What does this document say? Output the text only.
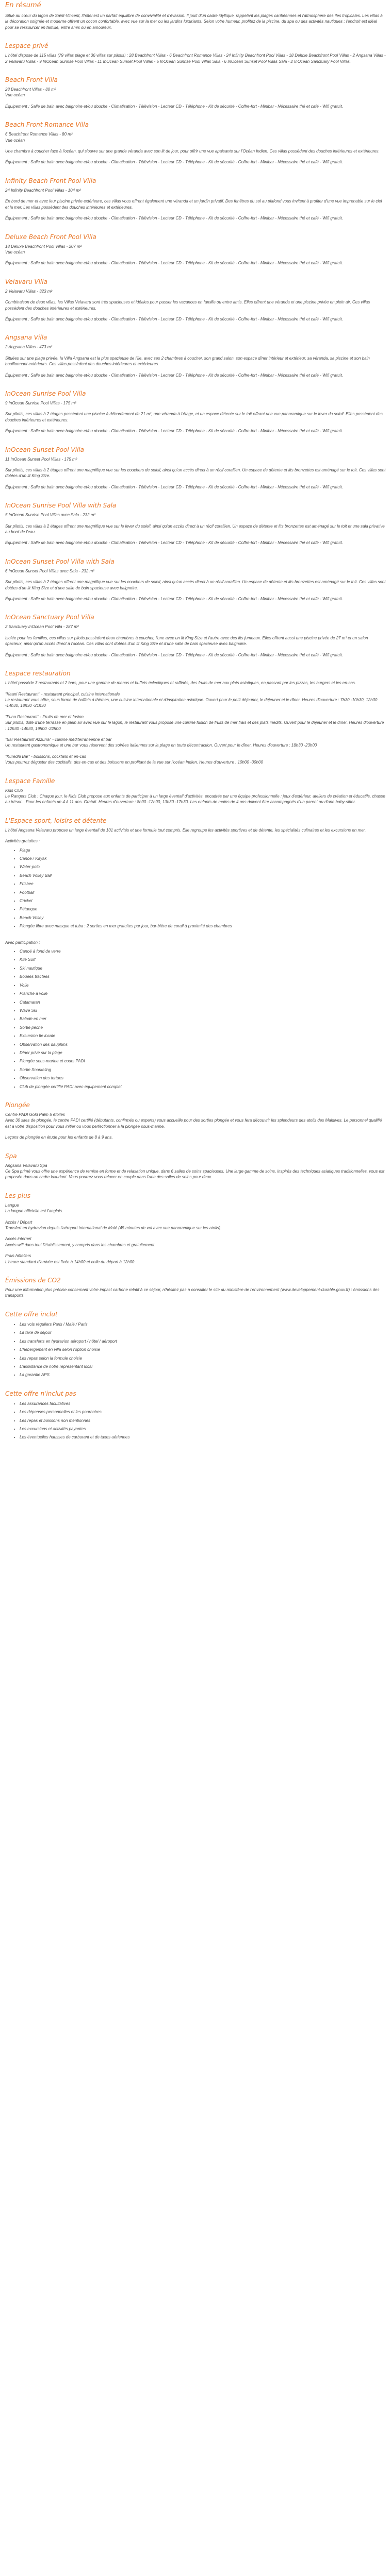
En résumé

Situé au cœur du lagon de Saint-Vincent, l'hôtel est un parfait équilibre de convivialité et d'évasion. Il jouit d'un cadre idyllique, rappelant les plages caribéennes et l'atmosphère des îles tropicales. Les villas à la décoration soignée et moderne offrent un cocon confortable, avec vue sur la mer ou les jardins luxuriants. Selon votre humeur, profitez de la piscine, du spa ou des activités nautiques : l'endroit est idéal pour se ressourcer en famille, entre amis ou en amoureux.

Lespace privé

L'hôtel dispose de 115 villas (79 villas plage et 36 villas sur pilotis) : 28 Beachfront Villas - 6 Beachfront Romance Villas - 24 Infinity Beachfront Pool Villas - 18 Deluxe Beachfront Pool Villas - 2 Angsana Villas - 2 Velavaru Villas - 9 InOcean Sunrise Pool Villas - 11 InOcean Sunset Pool Villas - 5 InOcean Sunrise Pool Villas Sala - 6 InOcean Sunset Pool Villas Sala - 2 InOcean Sanctuary Pool Villas.

Beach Front Villa
28 Beachfront Villas - 80 m²
Vue océan

Équipement : Salle de bain avec baignoire et/ou douche - Climatisation - Télévision - Lecteur CD - Téléphone - Kit de sécurité - Coffre-fort - Minibar - Nécessaire thé et café - Wifi gratuit.

Beach Front Romance Villa
6 Beachfront Romance Villas - 80 m²
Vue océan

Une chambre à coucher face à l'océan, qui s'ouvre sur une grande véranda avec son lit de jour, pour offrir une vue apaisante sur l'Océan Indien. Ces villas possèdent des douches intérieures et extérieures.

Équipement : Salle de bain avec baignoire et/ou douche - Climatisation - Télévision - Lecteur CD - Téléphone - Kit de sécurité - Coffre-fort - Minibar - Nécessaire thé et café - Wifi gratuit.

Infinity Beach Front Pool Villa
24 Infinity Beachfront Pool Villas - 104 m²

En bord de mer et avec leur piscine privée extérieure, ces villas vous offrent également une véranda et un jardin privatif. Des fenêtres du sol au plafond vous invitent à profiter d'une vue imprenable sur le ciel et la mer. Les villas possèdent des douches intérieures et extérieures.

Équipement : Salle de bain avec baignoire et/ou douche - Climatisation - Télévision - Lecteur CD - Téléphone - Kit de sécurité - Coffre-fort - Minibar - Nécessaire thé et café - Wifi gratuit.

Deluxe Beach Front Pool Villa
18 Deluxe Beachfront Pool Villas - 207 m²
Vue océan

Équipement : Salle de bain avec baignoire et/ou douche - Climatisation - Télévision - Lecteur CD - Téléphone - Kit de sécurité - Coffre-fort - Minibar - Nécessaire thé et café - Wifi gratuit.

Velavaru Villa
2 Velavaru Villas - 323 m²

Combinaison de deux villas, les Villas Velavaru sont très spacieuses et idéales pour passer les vacances en famille ou entre amis. Elles offrent une véranda et une piscine privée en plein air. Ces villas possèdent des douches intérieures et extérieures.

Équipement : Salle de bain avec baignoire et/ou douche - Climatisation - Télévision - Lecteur CD - Téléphone - Kit de sécurité - Coffre-fort - Minibar - Nécessaire thé et café - Wifi gratuit.

Angsana Villa
2 Angsana Villas - 473 m²

Situées sur une plage privée, la Villa Angsana est la plus spacieuse de l'île, avec ses 2 chambres à coucher, son grand salon, son espace dîner intérieur et extérieur, sa véranda, sa piscine et son bain bouillonnant extérieurs. Ces villas possèdent des douches intérieures et extérieures.

Équipement : Salle de bain avec baignoire et/ou douche - Climatisation - Télévision - Lecteur CD - Téléphone - Kit de sécurité - Coffre-fort - Minibar - Nécessaire thé et café - Wifi gratuit.

InOcean Sunrise Pool Villa
9 InOcean Sunrise Pool Villas - 175 m²

Sur pilotis, ces villas à 2 étages possèdent une piscine à débordement de 21 m², une véranda à l'étage, et un espace détente sur le toit offrant une vue panoramique sur le lever du soleil. Elles possèdent des douches intérieures et extérieures.

Équipement : Salle de bain avec baignoire et/ou douche - Climatisation - Télévision - Lecteur CD - Téléphone - Kit de sécurité - Coffre-fort - Minibar - Nécessaire thé et café - Wifi gratuit.

InOcean Sunset Pool Villa
11 InOcean Sunset Pool Villas - 175 m²

Sur pilotis, ces villas à 2 étages offrent une magnifique vue sur les couchers de soleil, ainsi qu'un accès direct à un récif corallien. Un espace de détente et lits bronzettes est aménagé sur le toit. Ces villas sont dotées d'un lit King Size.

Équipement : Salle de bain avec baignoire et/ou douche - Climatisation - Télévision - Lecteur CD - Téléphone - Kit de sécurité - Coffre-fort - Minibar - Nécessaire thé et café - Wifi gratuit.

InOcean Sunrise Pool Villa with Sala
5 InOcean Sunrise Pool Villas avec Sala - 232 m²

Sur pilotis, ces villas à 2 étages offrent une magnifique vue sur le lever du soleil, ainsi qu'un accès direct à un récif corallien. Un espace de détente et lits bronzettes est aménagé sur le toit et une sala privative au bord de l'eau.

Équipement : Salle de bain avec baignoire et/ou douche - Climatisation - Télévision - Lecteur CD - Téléphone - Kit de sécurité - Coffre-fort - Minibar - Nécessaire thé et café - Wifi gratuit.

InOcean Sunset Pool Villa with Sala
6 InOcean Sunset Pool Villas avec Sala - 232 m²

Sur pilotis, ces villas à 2 étages offrent une magnifique vue sur les couchers de soleil, ainsi qu'un accès direct à un récif corallien. Un espace de détente et lits bronzettes est aménagé sur le toit. Ces villas sont dotées d'un lit King Size et d'une salle de bain spacieuse avec baignoire.

Équipement : Salle de bain avec baignoire et/ou douche - Climatisation - Télévision - Lecteur CD - Téléphone - Kit de sécurité - Coffre-fort - Minibar - Nécessaire thé et café - Wifi gratuit.

InOcean Sanctuary Pool Villa
2 Sanctuary InOcean Pool Villa - 287 m²

Isolée pour les familles, ces villas sur pilotis possèdent deux chambres à coucher, l'une avec un lit King Size et l'autre avec des lits jumeaux. Elles offrent aussi une piscine privée de 27 m² et un salon spacieux, ainsi qu'un accès direct à l'océan. Ces villas sont dotées d'un lit King Size et d'une salle de bain spacieuse avec baignoire.

Équipement : Salle de bain avec baignoire et/ou douche - Climatisation - Télévision - Lecteur CD - Téléphone - Kit de sécurité - Coffre-fort - Minibar - Nécessaire thé et café - Wifi gratuit.

Lespace restauration

L'hôtel possède 3 restaurants et 2 bars, pour une gamme de menus et buffets éclectiques et raffinés, des fruits de mer aux plats asiatiques, en passant par les pizzas, les burgers et les en-cas.

"Kaani Restaurant" - restaurant principal, cuisine internationale

Le restaurant vous offre, sous forme de buffets à thèmes, une cuisine internationale et d'inspiration asiatique. Ouvert pour le petit déjeuner, le déjeuner et le dîner. Heures d'ouverture : 7h30 -10h30, 12h30 -14h30, 18h30 -21h30

"Funa Restaurant" - Fruits de mer et fusion

Sur pilotis, doté d'une terrasse en plein air avec vue sur le lagon, le restaurant vous propose une cuisine fusion de fruits de mer frais et des plats inédits. Ouvert pour le déjeuner et le dîner. Heures d'ouverture : 12h30 -14h30, 19h00 -22h00

"Bar Restaurant Azzurra" - cuisine méditerranéenne et bar

Un restaurant gastronomique et une bar vous réservent des soirées italiennes sur la plage en toute décontraction. Ouvert pour le dîner. Heures d'ouverture : 18h30 -23h00

"Kuredhi Bar" - boissons, cocktails et en-cas

Vous pourrez déguster des cocktails, des en-cas et des boissons en profitant de la vue sur l'océan Indien. Heures d'ouverture : 10h00 -00h00

Lespace Famille
Kids Club

Le Rangers Club : Chaque jour, le Kids Club propose aux enfants de participer à un large éventail d'activités, encadrés par une équipe professionnelle : jeux d'extérieur, ateliers de création et éducatifs, chasse au trésor... Pour les enfants de 4 à 11 ans. Gratuit. Heures d'ouverture : 8h00 -12h00, 13h30 -17h30. Les enfants de moins de 4 ans doivent être accompagnés d'un parent ou d'une baby-sitter.

L'Espace sport, loisirs et détente

L'hôtel Angsana Velavaru propose un large éventail de 101 activités et une formule tout compris. Elle regroupe les activités sportives et de détente, les spécialités culinaires et les excursions en mer.

Activités gratuites :
• Plage
• Canoë / Kayak
• Water-polo
• Beach Volley Ball
• Frisbee
• Football
• Cricket
• Pétanque
• Beach Volley
• Plongée libre avec masque et tuba : 2 sorties en mer gratuites par jour, bar-bière de corail à proximité des chambres
Avec participation :
• Canoë à fond de verre
• Kite Surf
• Ski nautique
• Bouées tractées
• Voile
• Planche à voile
• Catamaran
• Wave Ski
• Balade en mer
• Sortie pêche
• Excursion île locale
• Observation des dauphins
• Dîner privé sur la plage
• Plongée sous-marine et cours PADI
• Sortie Snorkeling
• Observation des tortues
• Club de plongée certifié PADI avec équipement complet
Plongée
Centre PADI Gold Palm 5 étoiles

Avec 30 sites de plongée, le centre PADI certifié (débutants, confirmés ou experts) vous accueille pour des sorties plongée et vous fera découvrir les splendeurs des atolls des Maldives. Le personnel qualifié est à votre disposition pour vous initier ou vous perfectionner à la plongée sous-marine.

Leçons de plongée en étude pour les enfants de 8 à 9 ans.

Spa
Angsana Velavaru Spa

Ce Spa primé vous offre une expérience de remise en forme et de relaxation unique, dans 6 salles de soins spacieuses. Une large gamme de soins, inspirés des techniques asiatiques traditionnelles, vous est proposée dans un cadre luxuriant. Vous pourrez vous relaxer en couple dans l'une des salles de soins pour deux.

Les plus
Langue

La langue officielle est l'anglais.

Accès / Départ

Transfert en hydravion depuis l'aéroport international de Malé (45 minutes de vol avec vue panoramique sur les atolls).

Accès internet

Accès wifi dans tout l'établissement, y compris dans les chambres et gratuitement.

Frais hôteliers

L'heure standard d'arrivée est fixée à 14h00 et celle du départ à 12h00.

Émissions de CO2

Pour une information plus précise concernant votre impact carbone relatif à ce séjour, n'hésitez pas à consulter le site du ministère de l'environnement (www.developpement-durable.gouv.fr) : émissions des transports.

Cette offre inclut
• Les vols réguliers Paris / Malé / Paris
• La taxe de séjour
• Les transferts en hydravion aéroport / hôtel / aéroport
• L'hébergement en villa selon l'option choisie
• Les repas selon la formule choisie
• L'assistance de notre représentant local
• La garantie APS
Cette offre n'inclut pas
• Les assurances facultatives
• Les dépenses personnelles et les pourboires
• Les repas et boissons non mentionnés
• Les excursions et activités payantes
• Les éventuelles hausses de carburant et de taxes aériennes
